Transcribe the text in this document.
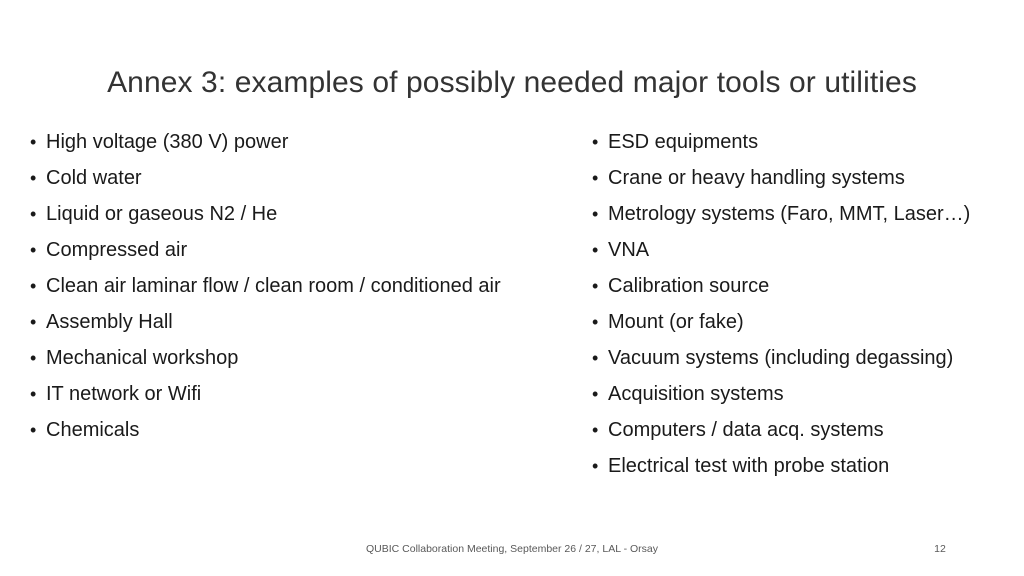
Annex 3: examples of possibly needed major tools or utilities
• High voltage (380 V) power
• Cold water
• Liquid or gaseous N2 / He
• Compressed air
• Clean air laminar flow / clean room / conditioned air
• Assembly Hall
• Mechanical workshop
• IT network or Wifi
• Chemicals
• ESD equipments
• Crane or heavy handling systems
• Metrology systems (Faro, MMT, Laser…)
• VNA
• Calibration source
• Mount (or fake)
• Vacuum systems (including degassing)
• Acquisition systems
• Computers / data acq. systems
• Electrical test with probe station
QUBIC Collaboration Meeting, September 26 / 27, LAL - Orsay	12
